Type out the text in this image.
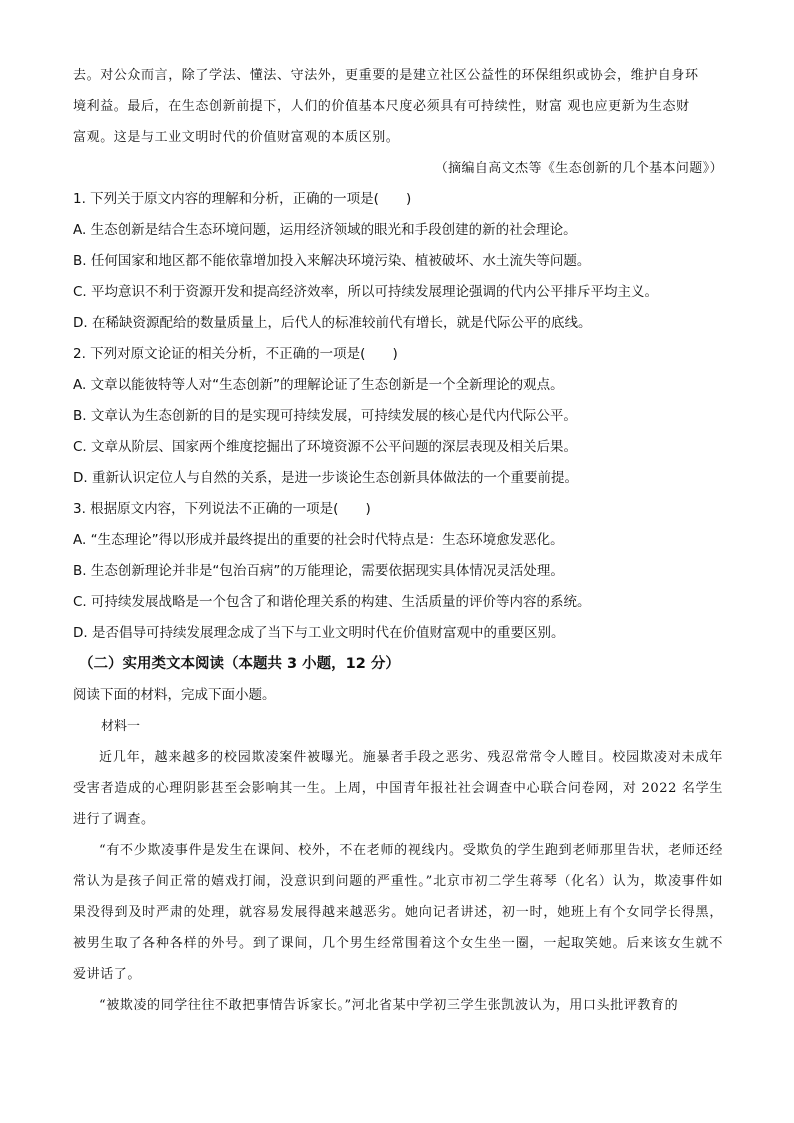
去。对公众而言，除了学法、懂法、守法外，更重要的是建立社区公益性的环保组织或协会，维护自身环

境利益。最后，在生态创新前提下，人们的价值基本尺度必须具有可持续性，财富 观也应更新为生态财

富观。这是与工业文明时代的价值财富观的本质区别。

（摘编自高文杰等《生态创新的几个基本问题》）

1. 下列关于原文内容的理解和分析，正确的一项是(　　)

A. 生态创新是结合生态环境问题，运用经济领域的眼光和手段创建的新的社会理论。

B. 任何国家和地区都不能依靠增加投入来解决环境污染、植被破坏、水土流失等问题。

C. 平均意识不利于资源开发和提高经济效率，所以可持续发展理论强调的代内公平排斥平均主义。

D. 在稀缺资源配给的数量质量上，后代人的标准较前代有增长，就是代际公平的底线。

2. 下列对原文论证的相关分析，不正确的一项是(　　)

A. 文章以能彼特等人对“生态创新”的理解论证了生态创新是一个全新理论的观点。

B. 文章认为生态创新的目的是实现可持续发展，可持续发展的核心是代内代际公平。

C. 文章从阶层、国家两个维度挖掘出了环境资源不公平问题的深层表现及相关后果。

D. 重新认识定位人与自然的关系，是进一步谈论生态创新具体做法的一个重要前提。

3. 根据原文内容，下列说法不正确的一项是(　　)

A. “生态理论”得以形成并最终提出的重要的社会时代特点是：生态环境愈发恶化。

B. 生态创新理论并非是“包治百病”的万能理论，需要依据现实具体情况灵活处理。

C. 可持续发展战略是一个包含了和谐伦理关系的构建、生活质量的评价等内容的系统。

D. 是否倡导可持续发展理念成了当下与工业文明时代在价值财富观中的重要区别。

（二）实用类文本阅读（本题共 3 小题，12 分）

阅读下面的材料，完成下面小题。

材料一

近几年，越来越多的校园欺凌案件被曝光。施暴者手段之恶劣、残忍常常令人瞠目。校园欺凌对未成年受害者造成的心理阴影甚至会影响其一生。上周，中国青年报社社会调查中心联合问卷网，对 2022 名学生进行了调查。

“有不少欺凌事件是发生在课间、校外，不在老师的视线内。受欺负的学生跑到老师那里告状，老师还经常认为是孩子间正常的嬉戏打闹，没意识到问题的严重性。”北京市初二学生蒋琴（化名）认为，欺凌事件如果没得到及时严肃的处理，就容易发展得越来越恶劣。她向记者讲述，初一时，她班上有个女同学长得黑，被男生取了各种各样的外号。到了课间，几个男生经常围着这个女生坐一圈，一起取笑她。后来该女生就不爱讲话了。

“被欺凌的同学往往不敢把事情告诉家长。”河北省某中学初三学生张凯波认为，用口头批评教育的
